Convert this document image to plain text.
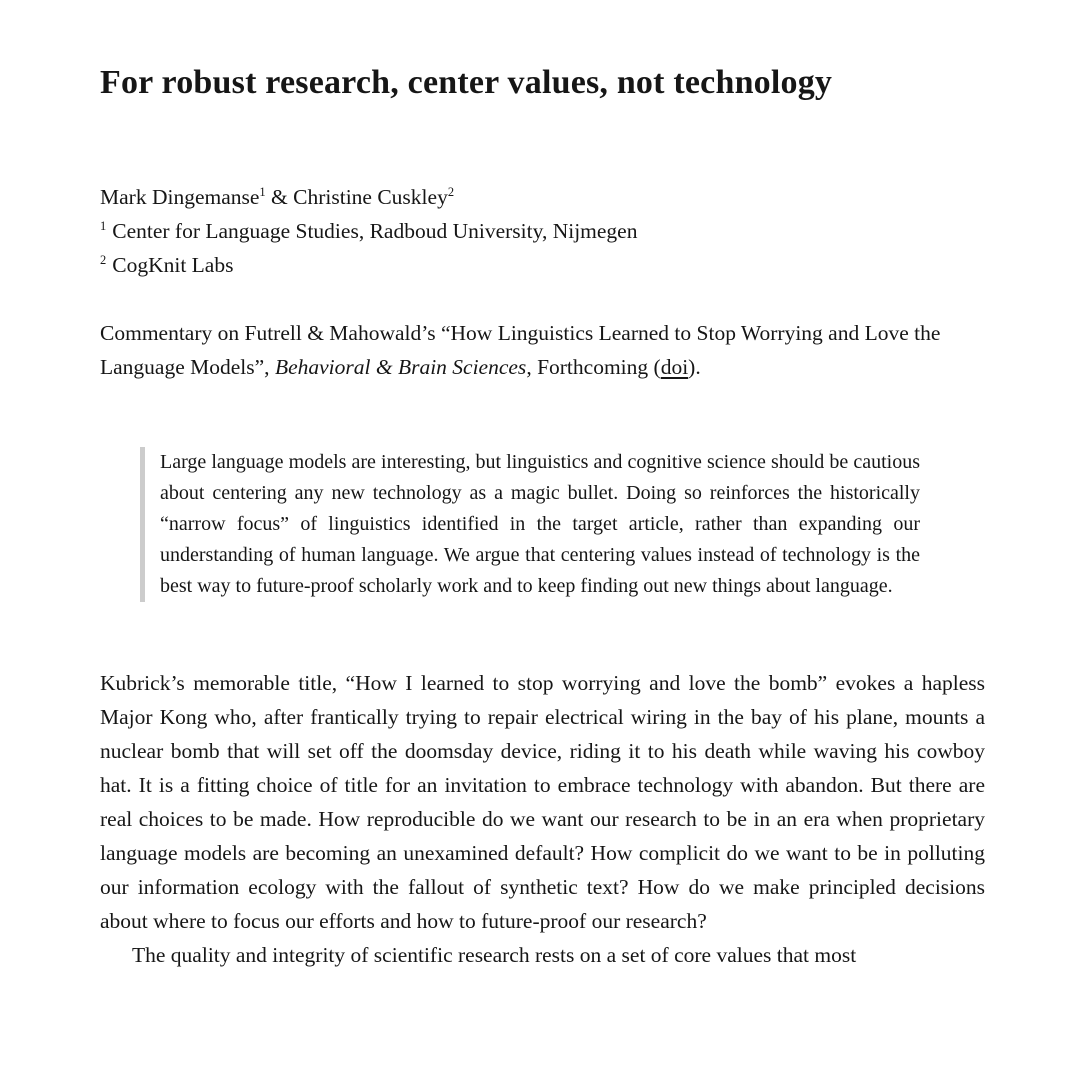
For robust research, center values, not technology

Mark Dingemanse$^1$ & Christine Cuskley$^2$

$^1$ Center for Language Studies, Radboud University, Nijmegen

$^2$ CogKnit Labs

Commentary on Futrell & Mahowald’s “How Linguistics Learned to Stop Worrying and Love the Language Models”, Behavioral & Brain Sciences, Forthcoming (doi).

Large language models are interesting, but linguistics and cognitive science should be cautious about centering any new technology as a magic bullet. Doing so reinforces the historically “narrow focus” of linguistics identified in the target article, rather than expanding our understanding of human language. We argue that centering values instead of technology is the best way to future-proof scholarly work and to keep finding out new things about language.

Kubrick’s memorable title, “How I learned to stop worrying and love the bomb” evokes a hapless Major Kong who, after frantically trying to repair electrical wiring in the bay of his plane, mounts a nuclear bomb that will set off the doomsday device, riding it to his death while waving his cowboy hat. It is a fitting choice of title for an invitation to embrace technology with abandon. But there are real choices to be made. How reproducible do we want our research to be in an era when proprietary language models are becoming an unexamined default? How complicit do we want to be in polluting our information ecology with the fallout of synthetic text? How do we make principled decisions about where to focus our efforts and how to future-proof our research?

The quality and integrity of scientific research rests on a set of core values that most
